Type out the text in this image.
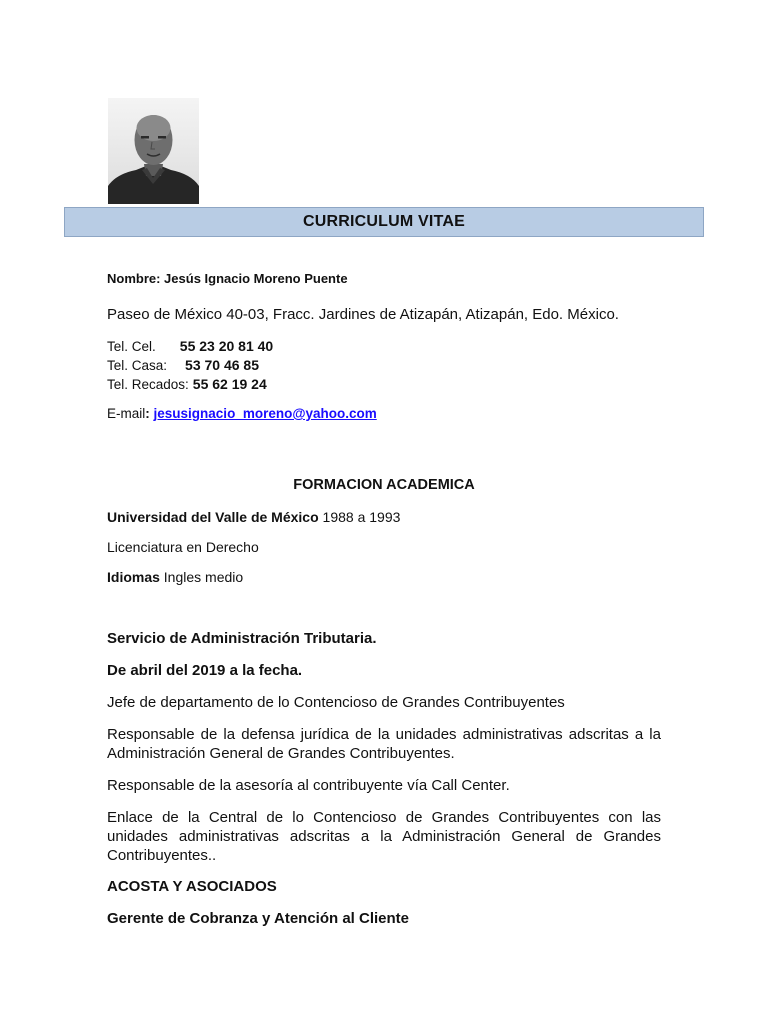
CURRICULUM VITAE
Nombre: Jesús Ignacio Moreno Puente
Paseo de México 40-03, Fracc. Jardines de Atizapán, Atizapán, Edo. México.
Tel. Cel. 55 23 20 81 40
Tel. Casa: 53 70 46 85
Tel. Recados: 55 62 19 24
E-mail: jesusignacio_moreno@yahoo.com
FORMACION ACADEMICA
Universidad del Valle de México 1988 a 1993
Licenciatura en Derecho
Idiomas Ingles medio
Servicio de Administración Tributaria.
De abril del 2019 a la fecha.
Jefe de departamento de lo Contencioso de Grandes Contribuyentes
Responsable de la defensa jurídica de la unidades administrativas adscritas a la Administración General de Grandes Contribuyentes.
Responsable de la asesoría al contribuyente vía Call Center.
Enlace de la Central de lo Contencioso de Grandes Contribuyentes con las unidades administrativas adscritas a la Administración General de Grandes Contribuyentes..
ACOSTA Y ASOCIADOS
Gerente de Cobranza y Atención al Cliente
